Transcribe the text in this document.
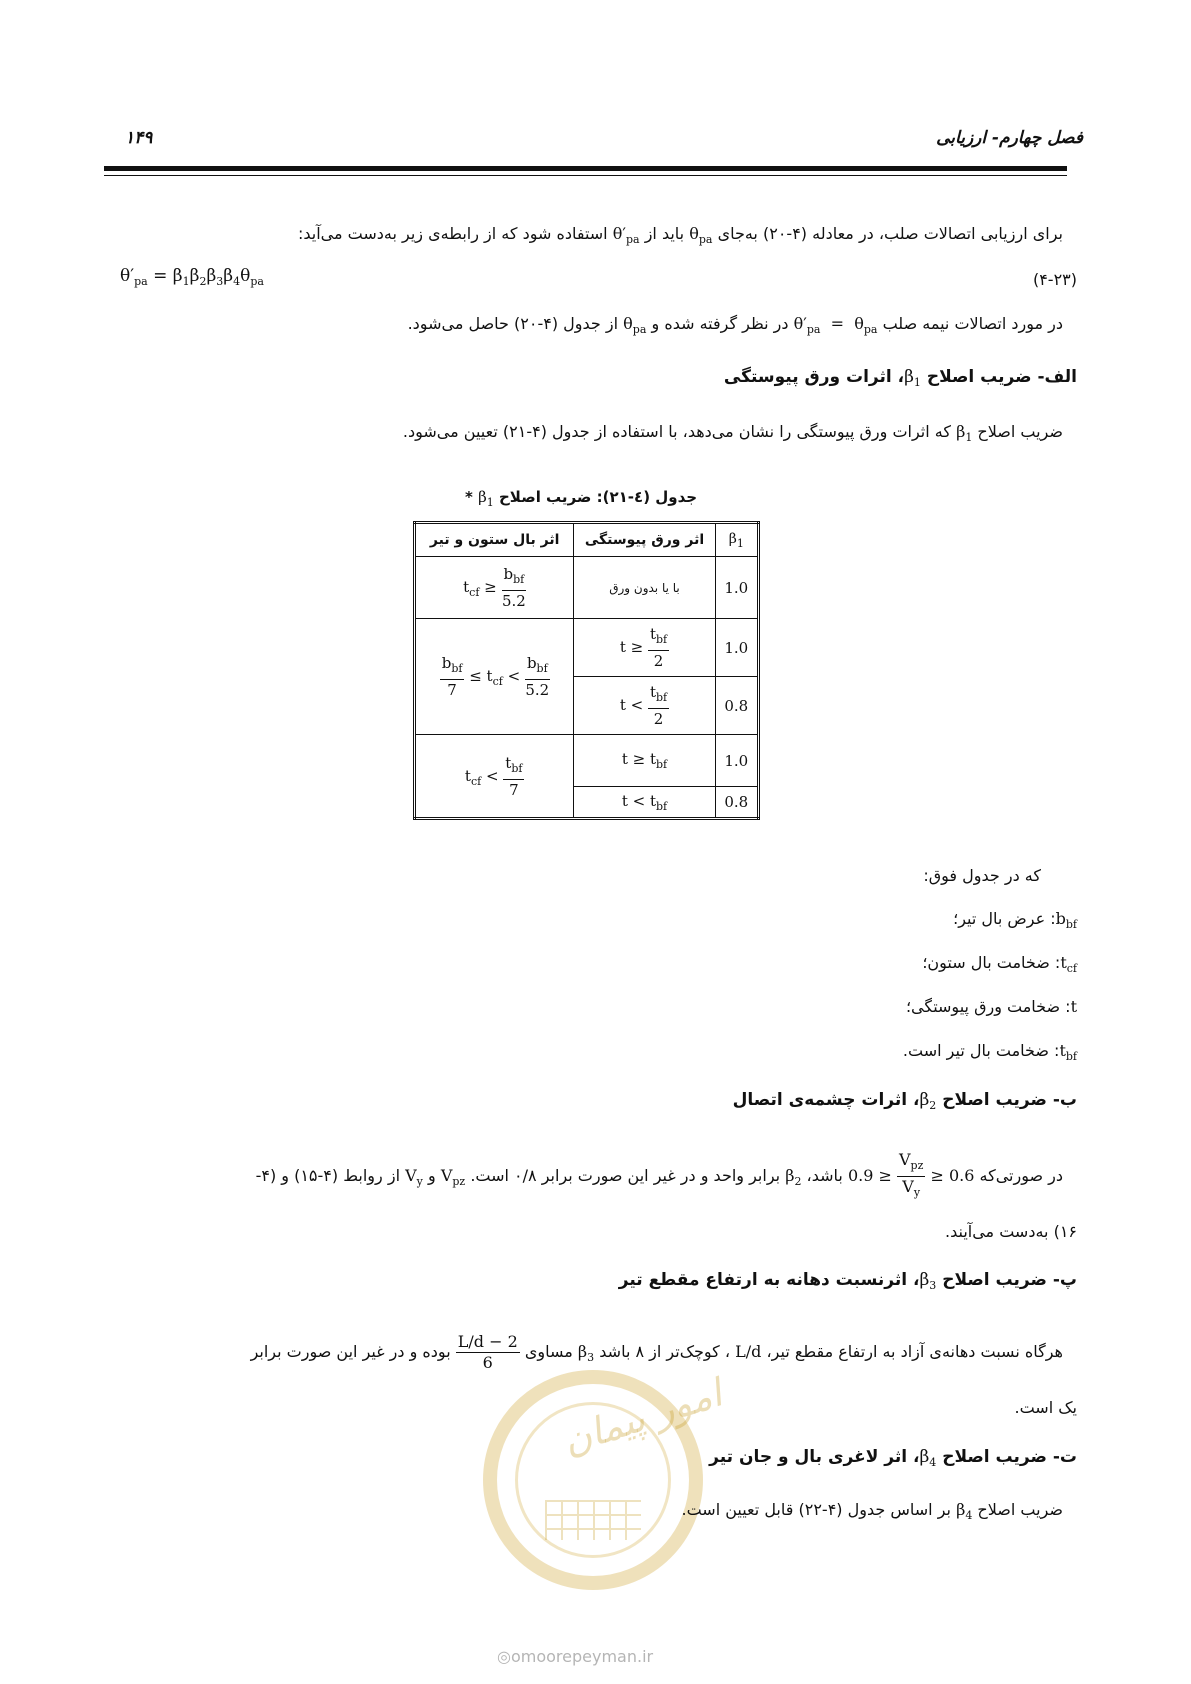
فصل چهارم- ارزیابی
۱۴۹
برای ارزیابی اتصالات صلب، در معادله (۴-۲۰) به‌جای $\theta_{pa}$ باید از $\theta'_{pa}$ استفاده شود که از رابطه‌ی زیر به‌دست می‌آید:
$\theta'_{pa} = \beta_1\beta_2\beta_3\beta_4\theta_{pa}$	(۴-۲۳)
در مورد اتصالات نیمه صلب $\theta'_{pa} = \theta_{pa}$ در نظر گرفته شده و $\theta_{pa}$ از جدول (۴-۲۰) حاصل می‌شود.
الف- ضریب اصلاح $\beta_1،$ اثرات ورق پیوستگی
ضریب اصلاح $\beta_1$ که اثرات ورق پیوستگی را نشان می‌دهد، با استفاده از جدول (۴-۲۱) تعیین می‌شود.
جدول (٤-۲۱): ضریب اصلاح $\beta_1$ *
اثر بال ستون و تیر	اثر ورق پیوستگی	$\beta_1$
$t_{cf} \ge \frac{b_{bf}}{5.2}$	با یا بدون ورق	1.0

$\frac{b_{bf}}{7} \le t_{cf} < \frac{b_{bf}}{5.2}$	$t \ge \frac{t_{bf}}{2}$	1.0
	$t < \frac{t_{bf}}{2}$	0.8
$t_{cf} < \frac{t_{bf}}{7}$	$t \ge t_{bf}$	1.0
	$t < t_{bf}$	0.8
که در جدول فوق:
$b_{bf}$: عرض بال تیر؛
$t_{cf}$: ضخامت بال ستون؛
t: ضخامت ورق پیوستگی؛
$t_{bf}$: ضخامت بال تیر است.
ب- ضریب اصلاح $\beta_2،$ اثرات چشمه‌ی اتصال
در صورتی‌که $0.9 \ge \frac{V_{pz}}{V_y} \ge 0.6$ باشد، $\beta_2$ برابر واحد و در غیر این صورت برابر ۰/۸ است. $V_{pz}$ و $V_y$ از روابط (۴-۱۵) و (۴-
۱۶) به‌دست می‌آیند.
پ- ضریب اصلاح $\beta_3،$ اثرنسبت دهانه به ارتفاع مقطع تیر
هرگاه نسبت دهانه‌ی آزاد به ارتفاع مقطع تیر، L/d ، کوچک‌تر از ۸ باشد $\beta_3$ مساوی
$\frac{L/d - 2}{6}$
بوده و در غیر این صورت برابر
یک است.
امور پیمان	ت- ضریب اصلاح $\beta_4،$ اثر لاغری بال و جان تیر
ضریب اصلاح $\beta_4$ بر اساس جدول (۴-۲۲) قابل تعیین است.
◎omoorepeyman.ir
